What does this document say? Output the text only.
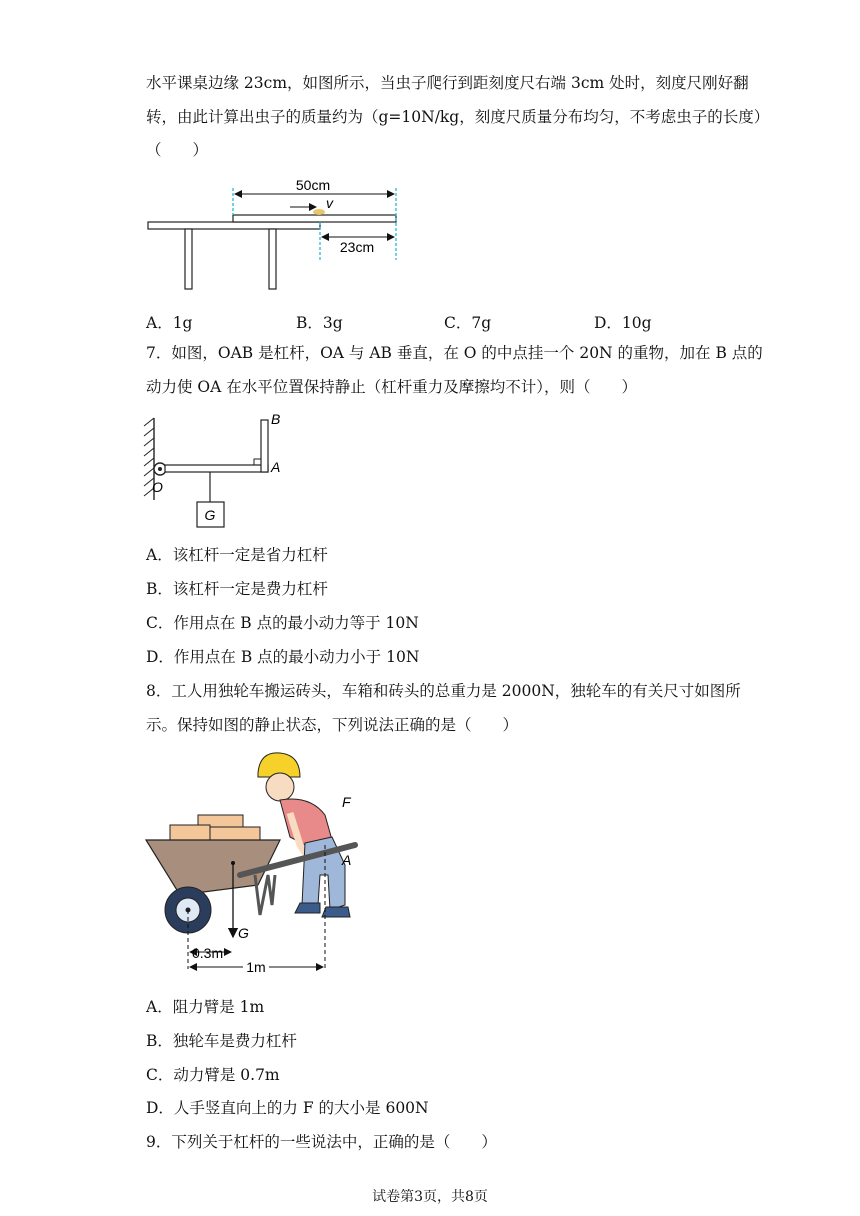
水平课桌边缘 23cm，如图所示，当虫子爬行到距刻度尺右端 3cm 处时，刻度尺刚好翻
转，由此计算出虫子的质量约为（g=10N/kg，刻度尺质量分布均匀，不考虑虫子的长度）
（　　）
50cm
v
23cm
A．1g	B．3g	C．7g	D．10g
7．如图，OAB 是杠杆，OA 与 AB 垂直，在 O 的中点挂一个 20N 的重物，加在 B 点的
动力使 OA 在水平位置保持静止（杠杆重力及摩擦均不计），则（　　）
G
B
A
O
A．该杠杆一定是省力杠杆
B．该杠杆一定是费力杠杆
C．作用点在 B 点的最小动力等于 10N
D．作用点在 B 点的最小动力小于 10N
8．工人用独轮车搬运砖头，车箱和砖头的总重力是 2000N，独轮车的有关尺寸如图所
示。保持如图的静止状态，下列说法正确的是（　　）
G
F
A
0.3m
1m
A．阻力臂是 1m
B．独轮车是费力杠杆
C．动力臂是 0.7m
D．人手竖直向上的力 F 的大小是 600N
9．下列关于杠杆的一些说法中，正确的是（　　）
试卷第3页，共8页
